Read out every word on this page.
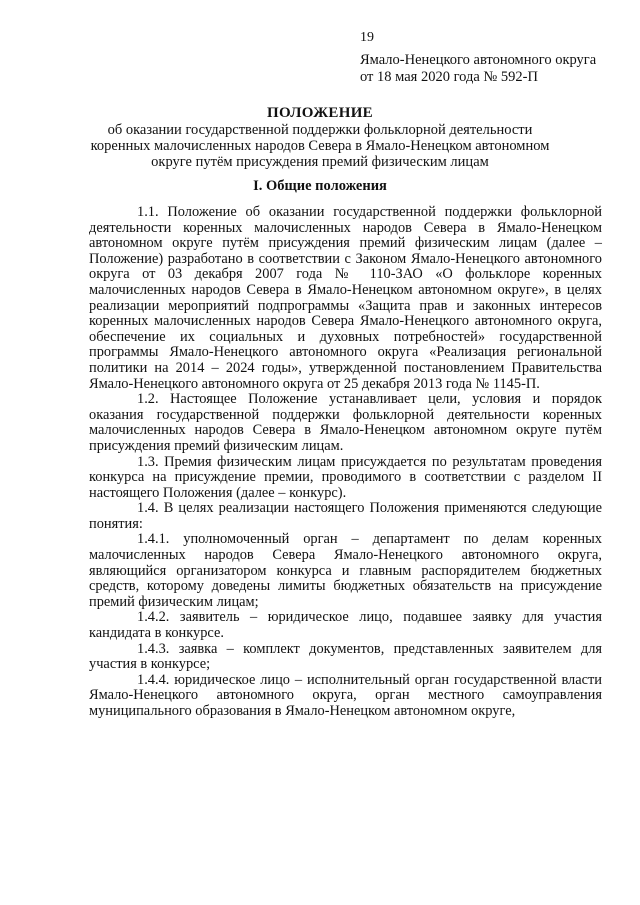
19
Ямало-Ненецкого автономного округа
от 18 мая 2020 года № 592-П
ПОЛОЖЕНИЕ
об оказании государственной поддержки фольклорной деятельности
коренных малочисленных народов Севера в Ямало-Ненецком автономном
округе путём присуждения премий физическим лицам
I. Общие положения

1.1. Положение об оказании государственной поддержки фольклорной деятельности коренных малочисленных народов Севера в Ямало-Ненецком автономном округе путём присуждения премий физическим лицам (далее – Положение) разработано в соответствии с Законом Ямало-Ненецкого автономного округа от 03 декабря 2007 года № 110-ЗАО «О фольклоре коренных малочисленных народов Севера в Ямало-Ненецком автономном округе», в целях реализации мероприятий подпрограммы «Защита прав и законных интересов коренных малочисленных народов Севера Ямало-Ненецкого автономного округа, обеспечение их социальных и духовных потребностей» государственной программы Ямало-Ненецкого автономного округа «Реализация региональной политики на 2014 – 2024 годы», утвержденной постановлением Правительства Ямало-Ненецкого автономного округа от 25 декабря 2013 года № 1145-П.

1.2. Настоящее Положение устанавливает цели, условия и порядок оказания государственной поддержки фольклорной деятельности коренных малочисленных народов Севера в Ямало-Ненецком автономном округе путём присуждения премий физическим лицам.

1.3. Премия физическим лицам присуждается по результатам проведения конкурса на присуждение премии, проводимого в соответствии с разделом II настоящего Положения (далее – конкурс).

1.4. В целях реализации настоящего Положения применяются следующие понятия:

1.4.1. уполномоченный орган – департамент по делам коренных малочисленных народов Севера Ямало-Ненецкого автономного округа, являющийся организатором конкурса и главным распорядителем бюджетных средств, которому доведены лимиты бюджетных обязательств на присуждение премий физическим лицам;

1.4.2. заявитель – юридическое лицо, подавшее заявку для участия кандидата в конкурсе.

1.4.3. заявка – комплект документов, представленных заявителем для участия в конкурсе;

1.4.4. юридическое лицо – исполнительный орган государственной власти Ямало-Ненецкого автономного округа, орган местного самоуправления муниципального образования в Ямало-Ненецком автономном округе,
